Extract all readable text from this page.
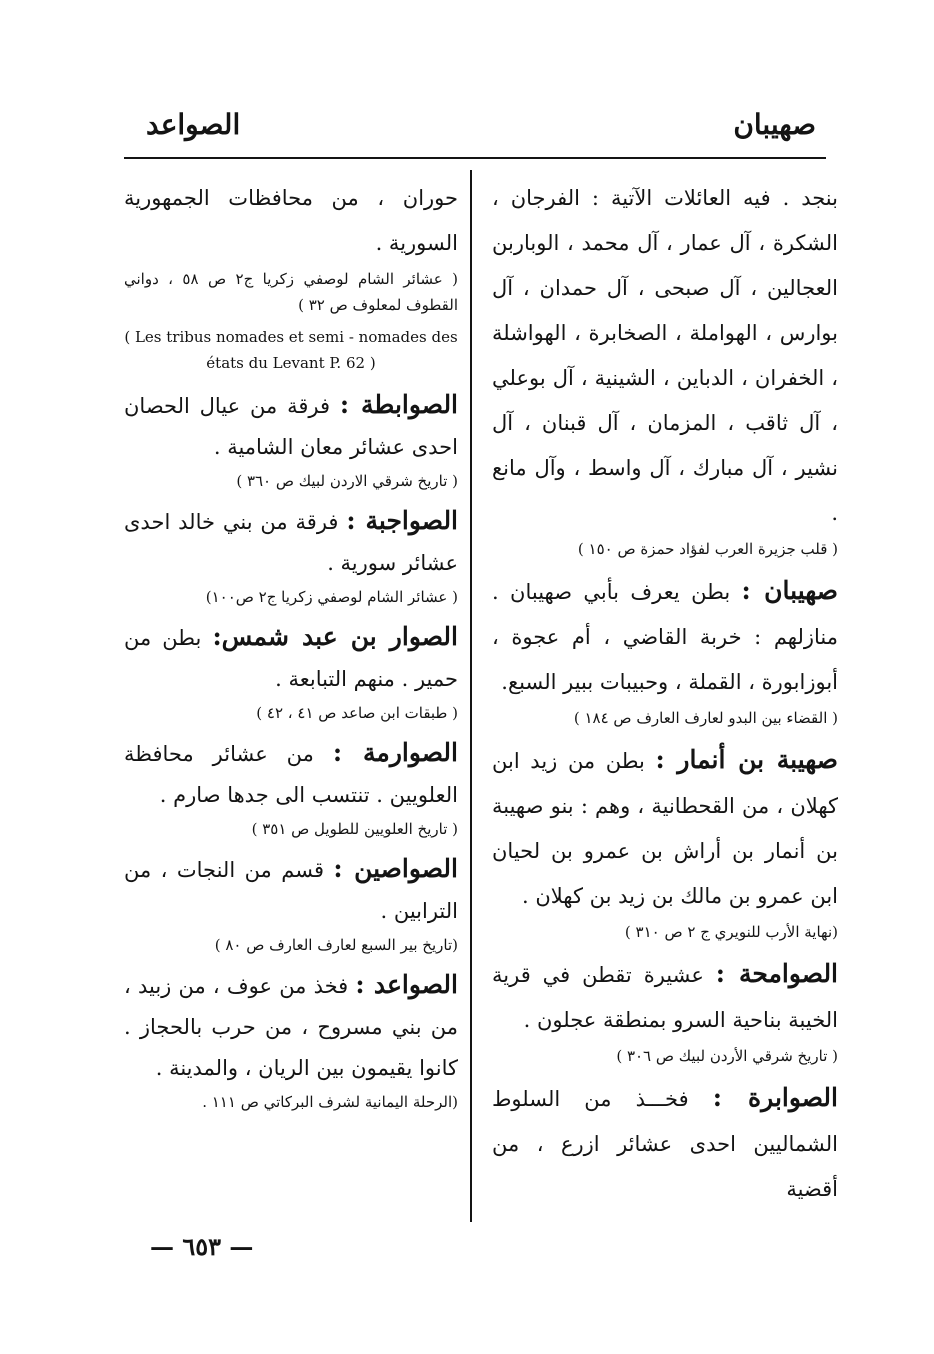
صهيبان
الصواعد

بنجد . فيه العائلات الآتية : الفرجان ، الشكرة ، آل عمار ، آل محمد ، الوباربن العجالين ، آل صبحى ، آل حمدان ، آل بوارس ، الهواملة ، الصخابرة ، الهواشلة ، الخفران ، الدباين ، الشينية ، آل بوعلي ، آل ثاقب ، المزمان ، آل قبنان ، آل نشير ، آل مبارك ، آل واسط ، وآل مانع .

( قلب جزيرة العرب لفؤاد حمزة ص ١٥٠ )

صهيبان : بطن يعرف بأبي صهيبان . منازلهم : خربة القاضي ، أم عجوة ، أبوزابورة ، القملة ، وحبيبات ببير السبع.

( القضاء بين البدو لعارف العارف ص ١٨٤ )

صهيبة بن أنمار : بطن من زيد ابن كهلان ، من القحطانية ، وهم : بنو صهيبة بن أنمار بن أراش بن عمرو بن لحيان ابن عمرو بن مالك بن زيد بن كهلان .

(نهاية الأرب للنويري ج ٢ ص ٣١٠ )

الصوامحة : عشيرة تقطن في قرية الخيبة بناحية السرو بمنطقة عجلون .

( تاريخ شرقي الأردن لبيك ص ٣٠٦ )

الصوابرة : فخـــذ من السلوط الشماليين احدى عشائر ازرع ، من أقضية

حوران ، من محافظات الجمهورية السورية .

( عشائر الشام لوصفي زكريا ج٢ ص ٥٨ ، دواني القطوف لمعلوف ص ٣٢ )

( Les tribus nomades et semi - nomades des états du Levant P. 62 )

الصوابطة : فرقة من عيال الحصان احدى عشائر معان الشامية .

( تاريخ شرقي الاردن لبيك ص ٣٦٠ )

الصواجبة : فرقة من بني خالد احدى عشائر سورية .

( عشائر الشام لوصفي زكريا ج٢ ص١٠٠)

الصوار بن عبد شمس: بطن من حمير . منهم التبابعة .

( طبقات ابن صاعد ص ٤١ ، ٤٢ )

الصوارمة : من عشائر محافظة العلويين . تنتسب الى جدها صارم .

( تاريخ العلويين للطويل ص ٣٥١ )

الصواصين : قسم من النجات ، من الترابين .

(تاريخ بير السبع لعارف العارف ص ٨٠ )

الصواعد : فخذ من عوف ، من زبيد ، من بني مسروح ، من حرب بالحجاز . كانوا يقيمون بين الريان ، والمدينة .

(الرحلة اليمانية لشرف البركاتي ص ١١١ .

— ٦٥٣ —
